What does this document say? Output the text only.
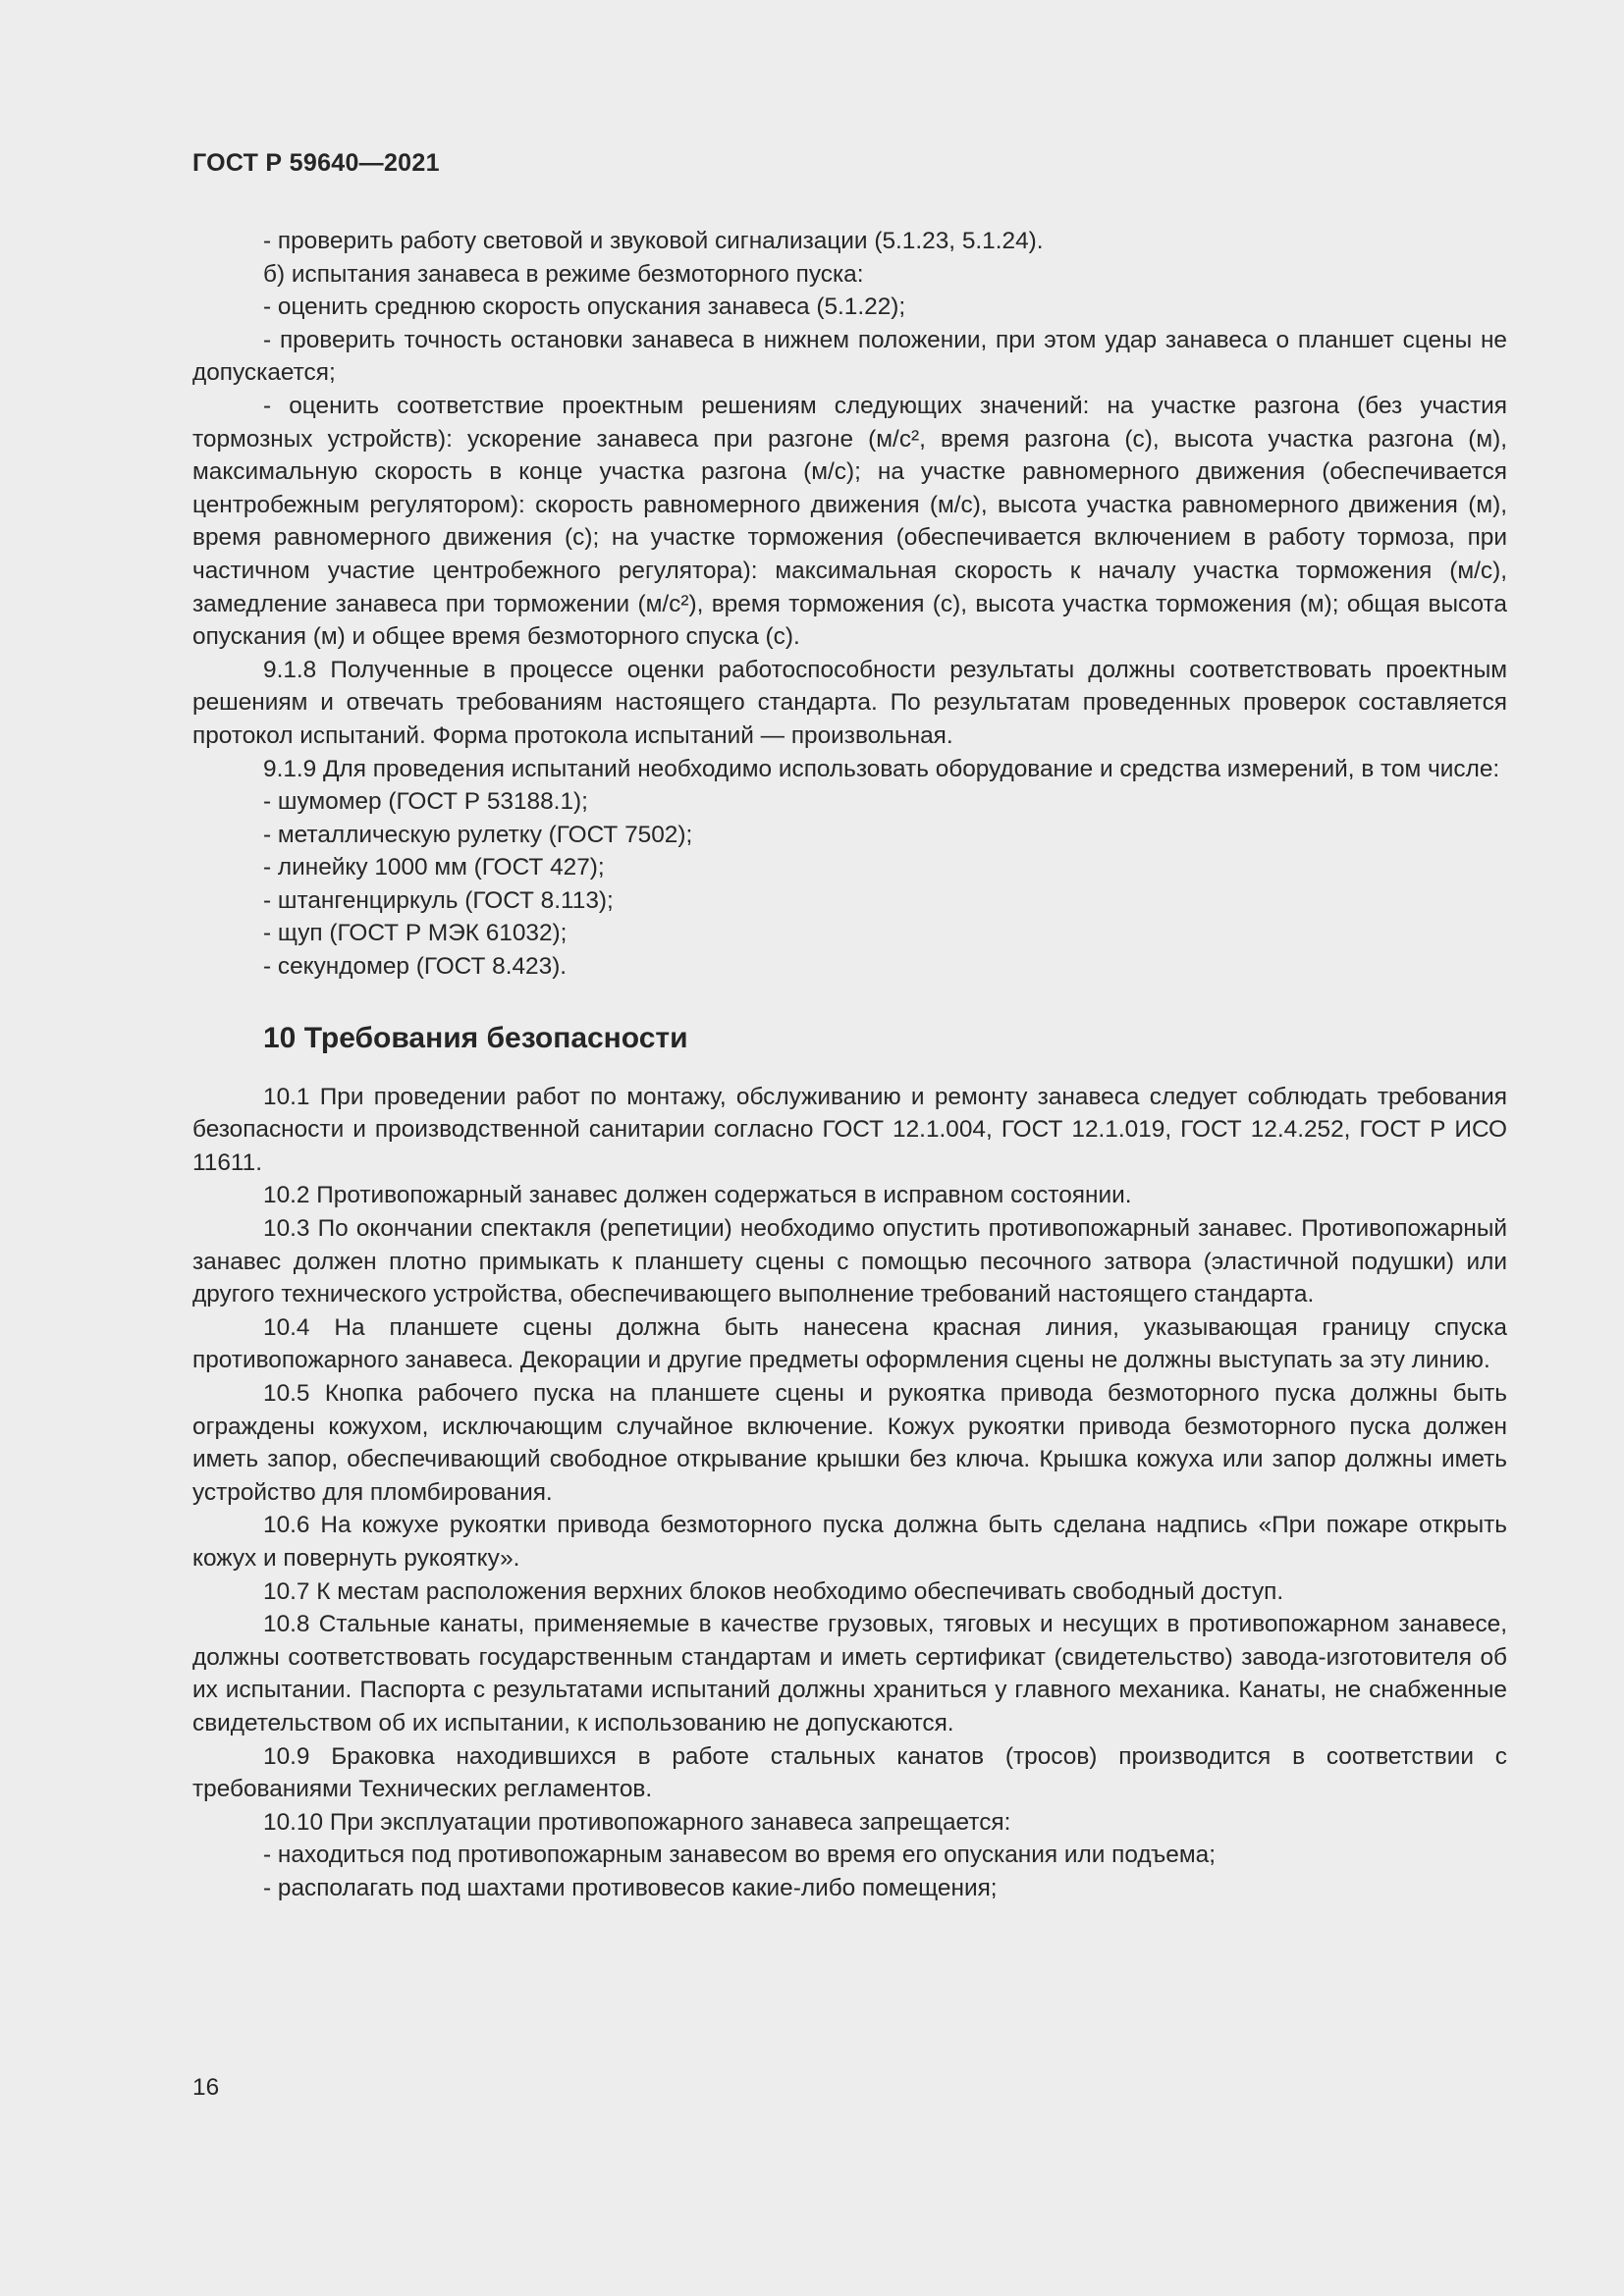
ГОСТ Р 59640—2021

- проверить работу световой и звуковой сигнализации (5.1.23, 5.1.24).

б) испытания занавеса в режиме безмоторного пуска:

- оценить среднюю скорость опускания занавеса (5.1.22);

- проверить точность остановки занавеса в нижнем положении, при этом удар занавеса о планшет сцены не допускается;

- оценить соответствие проектным решениям следующих значений: на участке разгона (без участия тормозных устройств): ускорение занавеса при разгоне (м/с², время разгона (с), высота участка разгона (м), максимальную скорость в конце участка разгона (м/с); на участке равномерного движения (обеспечивается центробежным регулятором): скорость равномерного движения (м/с), высота участка равномерного движения (м), время равномерного движения (с); на участке торможения (обеспечивается включением в работу тормоза, при частичном участие центробежного регулятора): максимальная скорость к началу участка торможения (м/с), замедление занавеса при торможении (м/с²), время торможения (с), высота участка торможения (м); общая высота опускания (м) и общее время безмоторного спуска (с).

9.1.8 Полученные в процессе оценки работоспособности результаты должны соответствовать проектным решениям и отвечать требованиям настоящего стандарта. По результатам проведенных проверок составляется протокол испытаний. Форма протокола испытаний — произвольная.

9.1.9 Для проведения испытаний необходимо использовать оборудование и средства измерений, в том числе:

- шумомер (ГОСТ Р 53188.1);

- металлическую рулетку (ГОСТ 7502);

- линейку 1000 мм (ГОСТ 427);

- штангенциркуль (ГОСТ 8.113);

- щуп (ГОСТ Р МЭК 61032);

- секундомер (ГОСТ 8.423).

10 Требования безопасности

10.1 При проведении работ по монтажу, обслуживанию и ремонту занавеса следует соблюдать требования безопасности и производственной санитарии согласно ГОСТ 12.1.004, ГОСТ 12.1.019, ГОСТ 12.4.252, ГОСТ Р ИСО 11611.

10.2 Противопожарный занавес должен содержаться в исправном состоянии.

10.3 По окончании спектакля (репетиции) необходимо опустить противопожарный занавес. Противопожарный занавес должен плотно примыкать к планшету сцены с помощью песочного затвора (эластичной подушки) или другого технического устройства, обеспечивающего выполнение требований настоящего стандарта.

10.4 На планшете сцены должна быть нанесена красная линия, указывающая границу спуска противопожарного занавеса. Декорации и другие предметы оформления сцены не должны выступать за эту линию.

10.5 Кнопка рабочего пуска на планшете сцены и рукоятка привода безмоторного пуска должны быть ограждены кожухом, исключающим случайное включение. Кожух рукоятки привода безмоторного пуска должен иметь запор, обеспечивающий свободное открывание крышки без ключа. Крышка кожуха или запор должны иметь устройство для пломбирования.

10.6 На кожухе рукоятки привода безмоторного пуска должна быть сделана надпись «При пожаре открыть кожух и повернуть рукоятку».

10.7 К местам расположения верхних блоков необходимо обеспечивать свободный доступ.

10.8 Стальные канаты, применяемые в качестве грузовых, тяговых и несущих в противопожарном занавесе, должны соответствовать государственным стандартам и иметь сертификат (свидетельство) завода-изготовителя об их испытании. Паспорта с результатами испытаний должны храниться у главного механика. Канаты, не снабженные свидетельством об их испытании, к использованию не допускаются.

10.9 Браковка находившихся в работе стальных канатов (тросов) производится в соответствии с требованиями Технических регламентов.

10.10 При эксплуатации противопожарного занавеса запрещается:

- находиться под противопожарным занавесом во время его опускания или подъема;

- располагать под шахтами противовесов какие-либо помещения;

16
